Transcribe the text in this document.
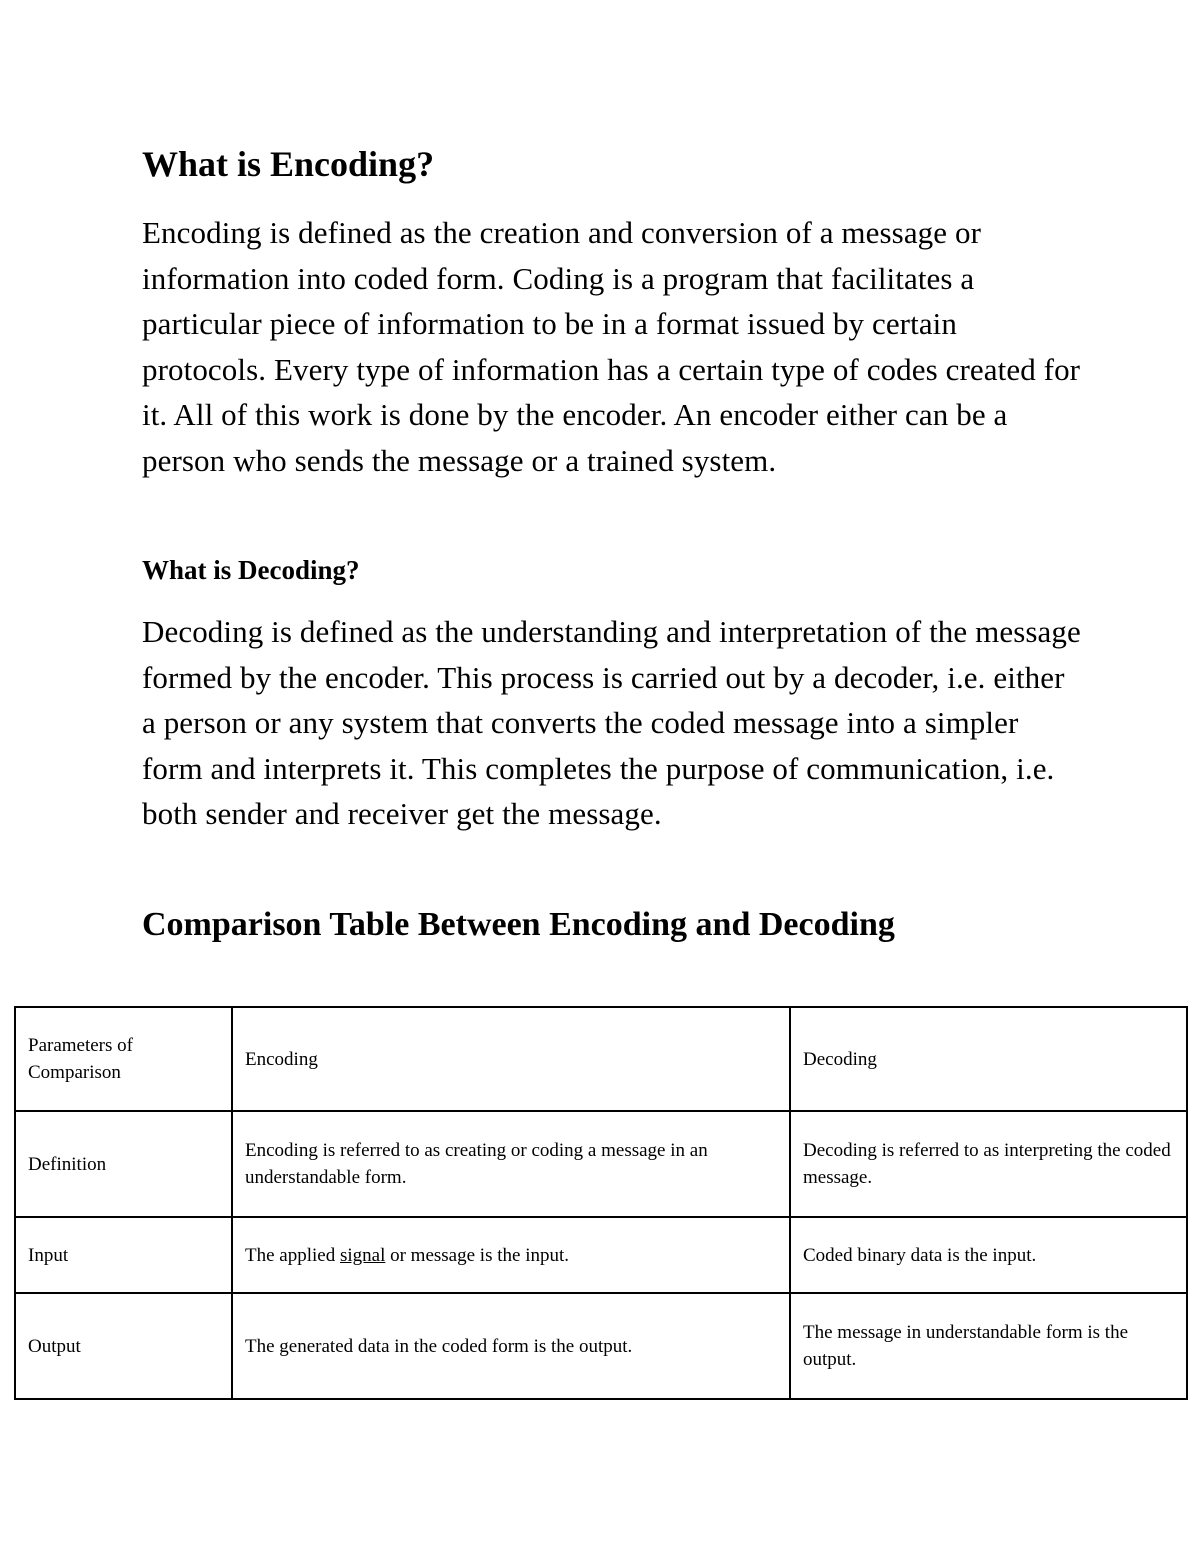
What is Encoding?

Encoding is defined as the creation and conversion of a message or information into coded form. Coding is a program that facilitates a particular piece of information to be in a format issued by certain protocols. Every type of information has a certain type of codes created for it. All of this work is done by the encoder. An encoder either can be a person who sends the message or a trained system.

What is Decoding?

Decoding is defined as the understanding and interpretation of the message formed by the encoder. This process is carried out by a decoder, i.e. either a person or any system that converts the coded message into a simpler form and interprets it. This completes the purpose of communication, i.e. both sender and receiver get the message.

Comparison Table Between Encoding and Decoding
Parameters of Comparison	Encoding	Decoding
Definition	Encoding is referred to as creating or coding a message in an understandable form.	Decoding is referred to as interpreting the coded message.
Input	The applied signal or message is the input.	Coded binary data is the input.
Output	The generated data in the coded form is the output.	The message in understandable form is the output.
